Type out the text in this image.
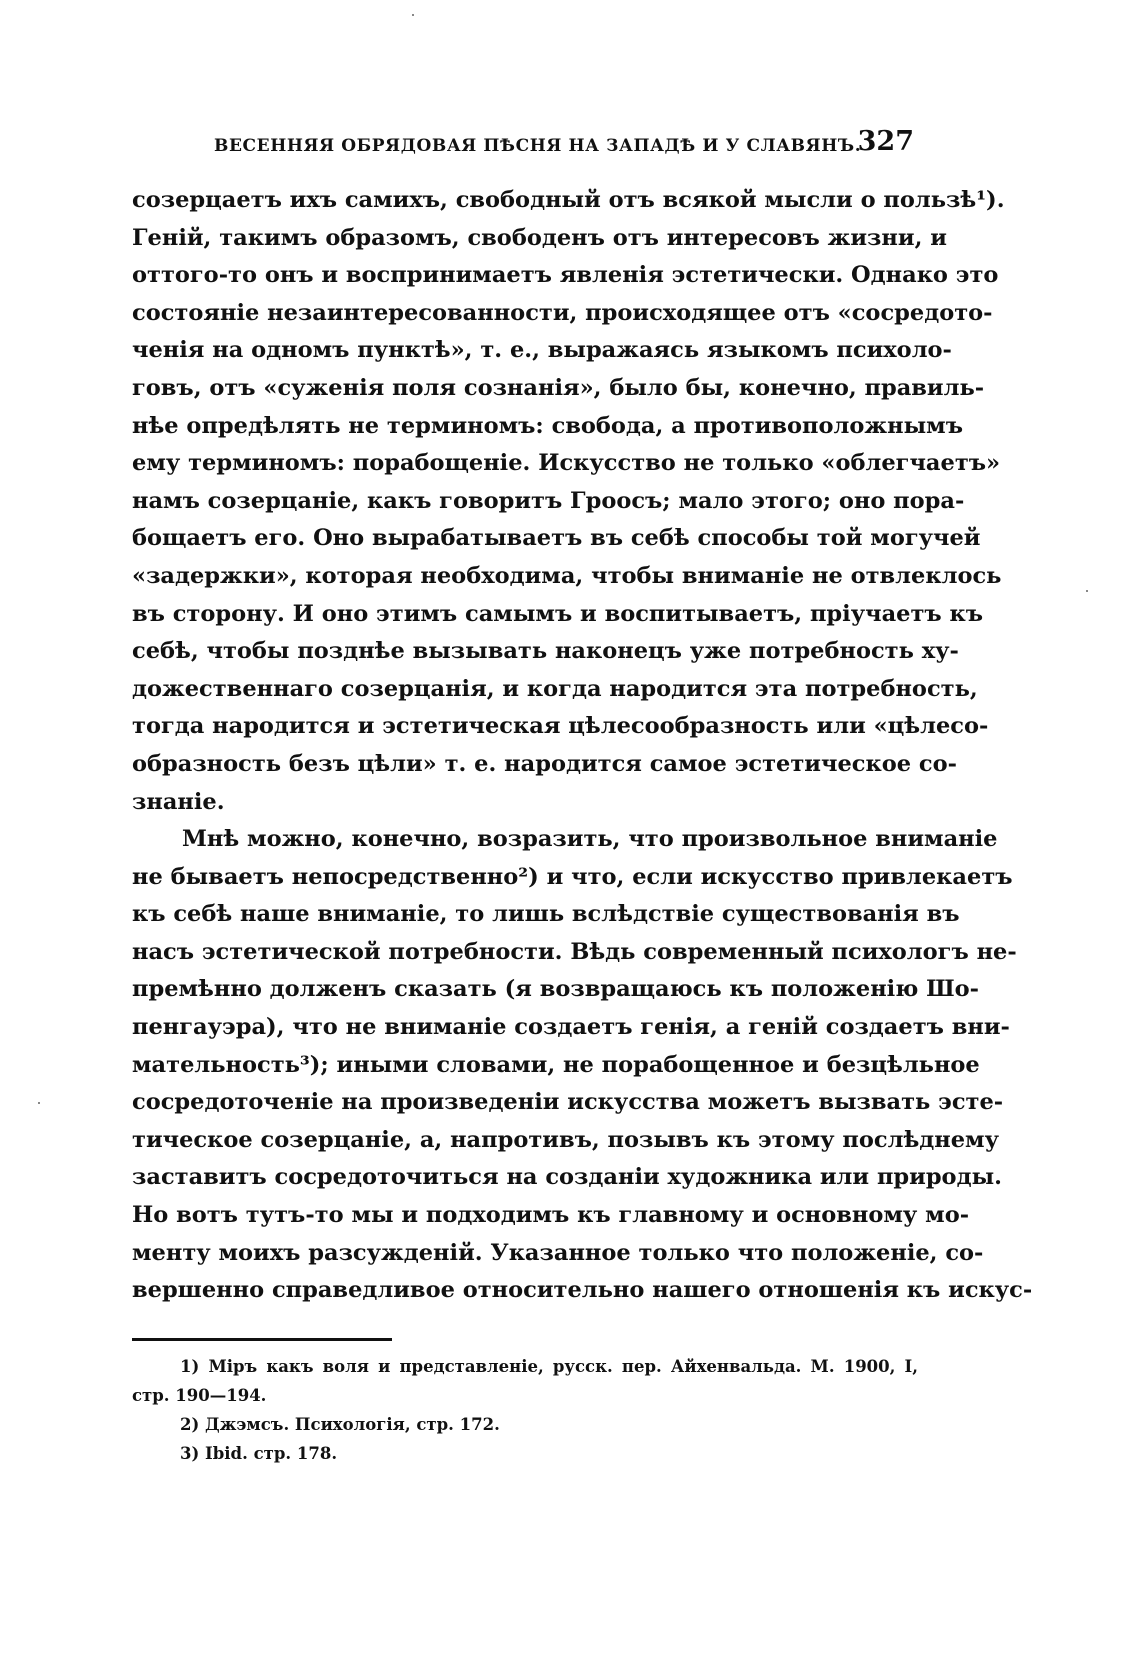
ВЕСЕННЯЯ ОБРЯДОВАЯ ПѢСНЯ НА ЗАПАДѢ И У СЛАВЯНЪ.
327
созерцаетъ ихъ самихъ, свободный отъ всякой мысли о пользѣ¹).
Геній, такимъ образомъ, свободенъ отъ интересовъ жизни, и
оттого-то онъ и воспринимаетъ явленія эстетически. Однако это
состояніе незаинтересованности, происходящее отъ «сосредото-
ченія на одномъ пунктѣ», т. е., выражаясь языкомъ психоло-
говъ, отъ «суженія поля сознанія», было бы, конечно, правиль-
нѣе опредѣлять не терминомъ: свобода, а противоположнымъ
ему терминомъ: порабощеніе. Искусство не только «облегчаетъ»
намъ созерцаніе, какъ говоритъ Гроосъ; мало этого; оно пора-
бощаетъ его. Оно вырабатываетъ въ себѣ способы той могучей
«задержки», которая необходима, чтобы вниманіе не отвлеклось
въ сторону. И оно этимъ самымъ и воспитываетъ, пріучаетъ къ
себѣ, чтобы позднѣе вызывать наконецъ уже потребность ху-
дожественнаго созерцанія, и когда народится эта потребность,
тогда народится и эстетическая цѣлесообразность или «цѣлесо-
образность безъ цѣли» т. е. народится самое эстетическое со-
знаніе.
Мнѣ можно, конечно, возразить, что произвольное вниманіе
не бываетъ непосредственно²) и что, если искусство привлекаетъ
къ себѣ наше вниманіе, то лишь вслѣдствіе существованія въ
насъ эстетической потребности. Вѣдь современный психологъ не-
премѣнно долженъ сказать (я возвращаюсь къ положенію Шо-
пенгауэра), что не вниманіе создаетъ генія, а геній создаетъ вни-
мательность³); иными словами, не порабощенное и безцѣльное
сосредоточеніе на произведеніи искусства можетъ вызвать эсте-
тическое созерцаніе, а, напротивъ, позывъ къ этому послѣднему
заставитъ сосредоточиться на созданіи художника или природы.
Но вотъ тутъ-то мы и подходимъ къ главному и основному мо-
менту моихъ разсужденій. Указанное только что положеніе, со-
вершенно справедливое относительно нашего отношенія къ искус-
1) Міръ какъ воля и представленіе, русск. пер. Айхенвальда. М. 1900, I,
стр. 190—194.
2) Джэмсъ. Психологія, стр. 172.
3) Ibid. стр. 178.
